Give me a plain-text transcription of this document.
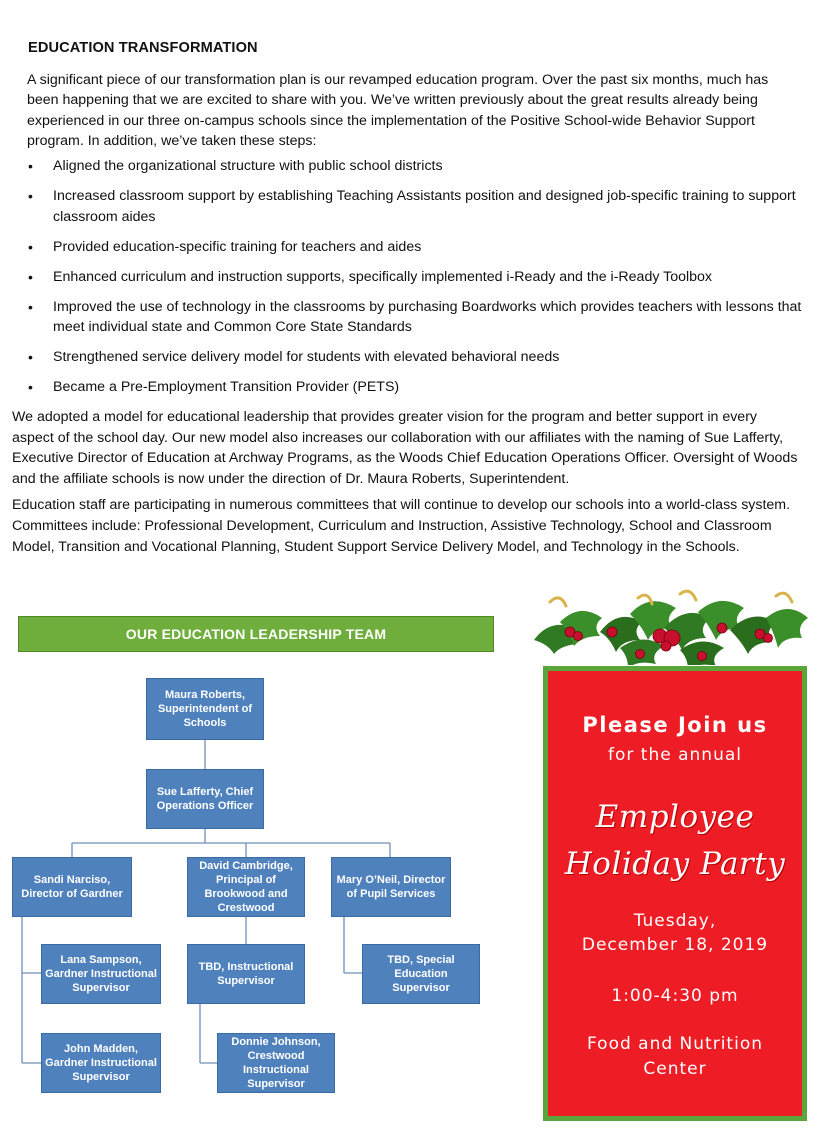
EDUCATION TRANSFORMATION

A significant piece of our transformation plan is our revamped education program. Over the past six months, much has been happening that we are excited to share with you. We’ve written previously about the great results already being experienced in our three on-campus schools since the implementation of the Positive School-wide Behavior Support program. In addition, we’ve taken these steps:

• Aligned the organizational structure with public school districts
• Increased classroom support by establishing Teaching Assistants position and designed job-specific training to support classroom aides
• Provided education-specific training for teachers and aides
• Enhanced curriculum and instruction supports, specifically implemented i-Ready and the i-Ready Toolbox
• Improved the use of technology in the classrooms by purchasing Boardworks which provides teachers with lessons that meet individual state and Common Core State Standards
• Strengthened service delivery model for students with elevated behavioral needs
• Became a Pre-Employment Transition Provider (PETS)

We adopted a model for educational leadership that provides greater vision for the program and better support in every aspect of the school day. Our new model also increases our collaboration with our affiliates with the naming of Sue Lafferty, Executive Director of Education at Archway Programs, as the Woods Chief Education Operations Officer. Oversight of Woods and the affiliate schools is now under the direction of Dr. Maura Roberts, Superintendent.

Education staff are participating in numerous committees that will continue to develop our schools into a world-class system. Committees include: Professional Development, Curriculum and Instruction, Assistive Technology, School and Classroom Model, Transition and Vocational Planning, Student Support Service Delivery Model, and Technology in the Schools.

OUR EDUCATION LEADERSHIP TEAM
Maura Roberts, Superintendent of Schools
Sue Lafferty, Chief Operations Officer
Sandi Narciso, Director of Gardner
David Cambridge, Principal of Brookwood and Crestwood
Mary O’Neil, Director of Pupil Services
Lana Sampson, Gardner Instructional Supervisor
TBD, Instructional Supervisor
TBD, Special Education Supervisor
John Madden, Gardner Instructional Supervisor
Donnie Johnson, Crestwood Instructional Supervisor
Please Join us
for the annual
Employee
Holiday Party
Tuesday,
December 18, 2019
1:00-4:30 pm
Food and Nutrition
Center
